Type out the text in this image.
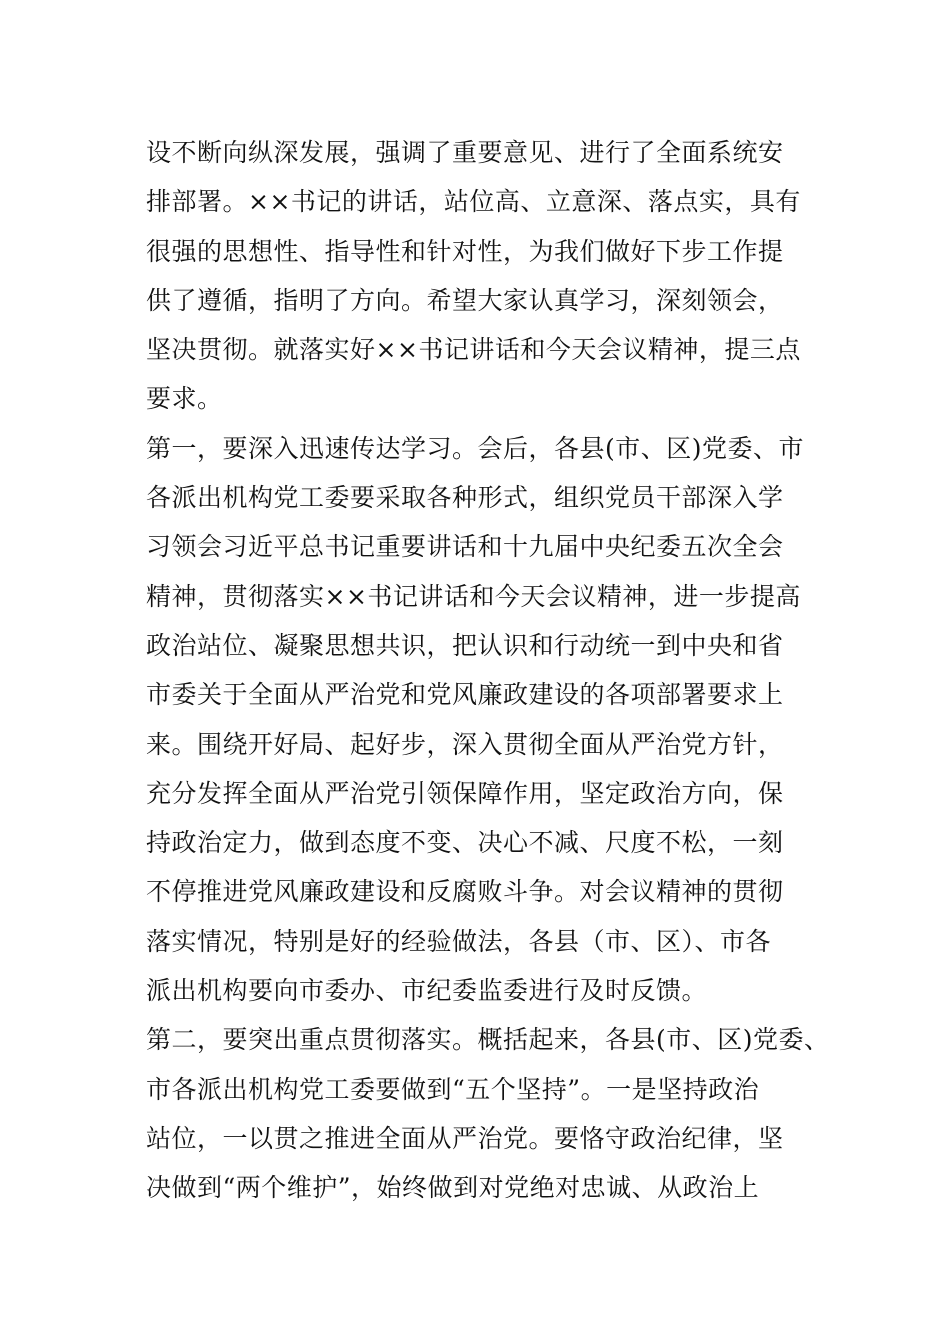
设不断向纵深发展，强调了重要意见、进行了全面系统安
排部署。××书记的讲话，站位高、立意深、落点实，具有
很强的思想性、指导性和针对性，为我们做好下步工作提
供了遵循，指明了方向。希望大家认真学习，深刻领会，
坚决贯彻。就落实好××书记讲话和今天会议精神，提三点
要求。
第一，要深入迅速传达学习。会后，各县(市、区)党委、市
各派出机构党工委要采取各种形式，组织党员干部深入学
习领会习近平总书记重要讲话和十九届中央纪委五次全会
精神，贯彻落实××书记讲话和今天会议精神，进一步提高
政治站位、凝聚思想共识，把认识和行动统一到中央和省
市委关于全面从严治党和党风廉政建设的各项部署要求上
来。围绕开好局、起好步，深入贯彻全面从严治党方针，
充分发挥全面从严治党引领保障作用，坚定政治方向，保
持政治定力，做到态度不变、决心不减、尺度不松，一刻
不停推进党风廉政建设和反腐败斗争。对会议精神的贯彻
落实情况，特别是好的经验做法，各县（市、区）、市各
派出机构要向市委办、市纪委监委进行及时反馈。
第二，要突出重点贯彻落实。概括起来，各县(市、区)党委、
市各派出机构党工委要做到“五个坚持”。一是坚持政治
站位，一以贯之推进全面从严治党。要恪守政治纪律，坚
决做到“两个维护”，始终做到对党绝对忠诚、从政治上
